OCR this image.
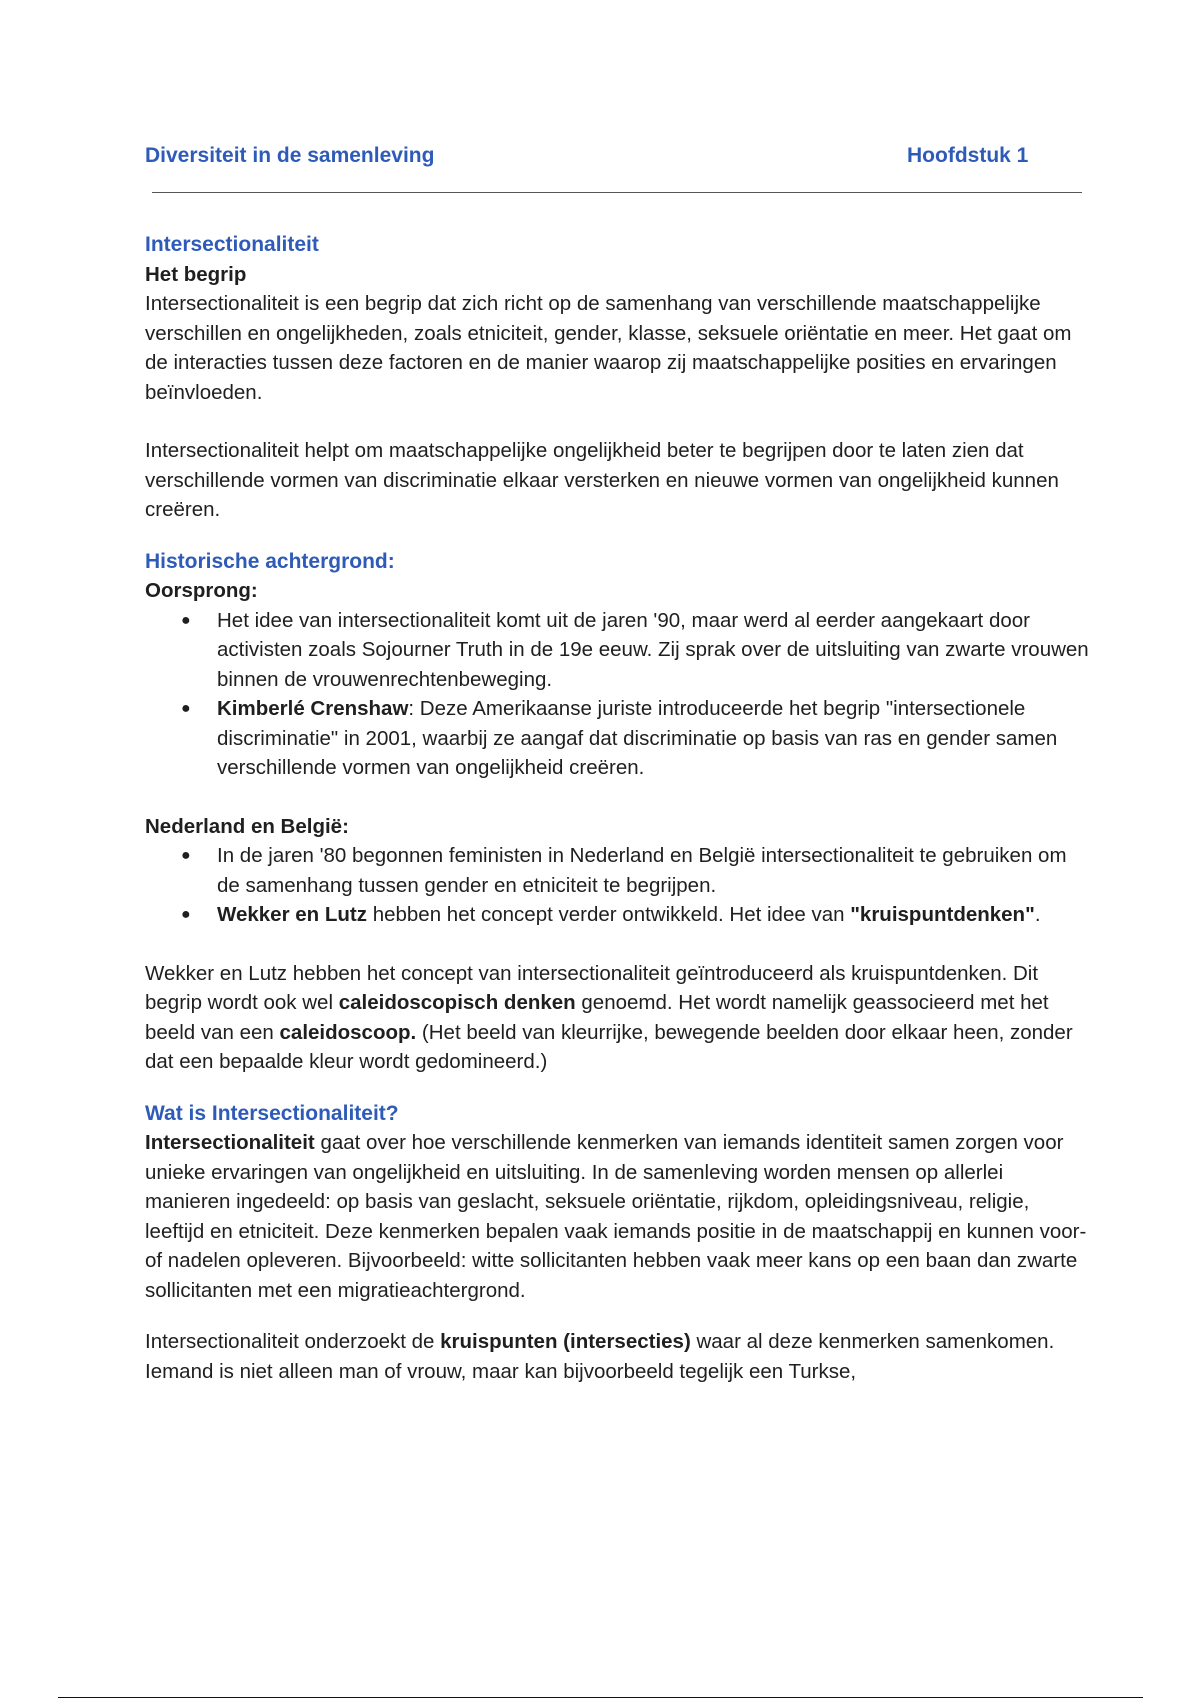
Diversiteit in de samenleving	Hoofdstuk 1
Intersectionaliteit

Het begrip

Intersectionaliteit is een begrip dat zich richt op de samenhang van verschillende maatschappelijke verschillen en ongelijkheden, zoals etniciteit, gender, klasse, seksuele oriëntatie en meer. Het gaat om de interacties tussen deze factoren en de manier waarop zij maatschappelijke posities en ervaringen beïnvloeden.

Intersectionaliteit helpt om maatschappelijke ongelijkheid beter te begrijpen door te laten zien dat verschillende vormen van discriminatie elkaar versterken en nieuwe vormen van ongelijkheid kunnen creëren.

Historische achtergrond:

Oorsprong:

● Het idee van intersectionaliteit komt uit de jaren '90, maar werd al eerder aangekaart door activisten zoals Sojourner Truth in de 19e eeuw. Zij sprak over de uitsluiting van zwarte vrouwen binnen de vrouwenrechtenbeweging.
● Kimberlé Crenshaw: Deze Amerikaanse juriste introduceerde het begrip "intersectionele discriminatie" in 2001, waarbij ze aangaf dat discriminatie op basis van ras en gender samen verschillende vormen van ongelijkheid creëren.

Nederland en België:

● In de jaren '80 begonnen feministen in Nederland en België intersectionaliteit te gebruiken om de samenhang tussen gender en etniciteit te begrijpen.
● Wekker en Lutz hebben het concept verder ontwikkeld. Het idee van "kruispuntdenken".

Wekker en Lutz hebben het concept van intersectionaliteit geïntroduceerd als kruispuntdenken. Dit begrip wordt ook wel caleidoscopisch denken genoemd. Het wordt namelijk geassocieerd met het beeld van een caleidoscoop. (Het beeld van kleurrijke, bewegende beelden door elkaar heen, zonder dat een bepaalde kleur wordt gedomineerd.)

Wat is Intersectionaliteit?

Intersectionaliteit gaat over hoe verschillende kenmerken van iemands identiteit samen zorgen voor unieke ervaringen van ongelijkheid en uitsluiting. In de samenleving worden mensen op allerlei manieren ingedeeld: op basis van geslacht, seksuele oriëntatie, rijkdom, opleidingsniveau, religie, leeftijd en etniciteit. Deze kenmerken bepalen vaak iemands positie in de maatschappij en kunnen voor- of nadelen opleveren. Bijvoorbeeld: witte sollicitanten hebben vaak meer kans op een baan dan zwarte sollicitanten met een migratieachtergrond.

Intersectionaliteit onderzoekt de kruispunten (intersecties) waar al deze kenmerken samenkomen. Iemand is niet alleen man of vrouw, maar kan bijvoorbeeld tegelijk een Turkse,
